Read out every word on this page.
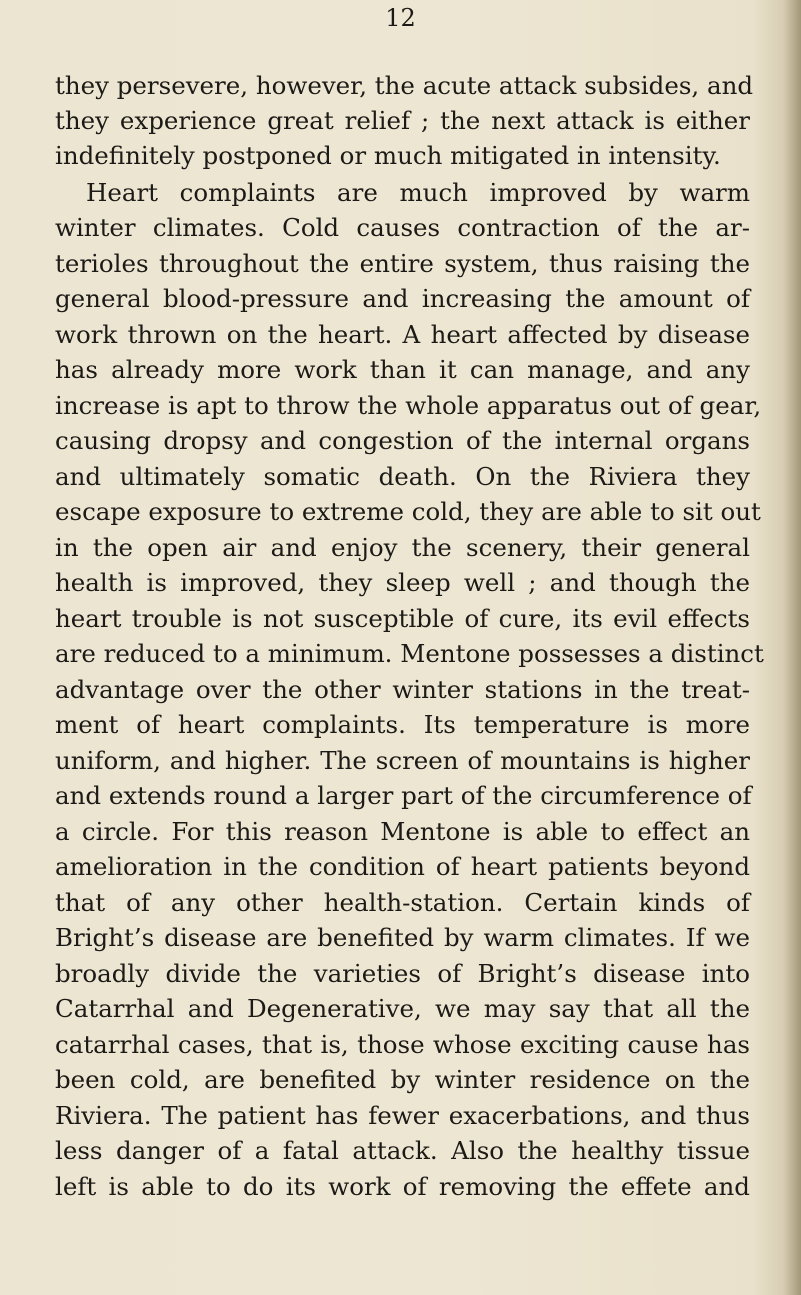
12
they persevere, however, the acute attack subsides, and
they experience great relief ; the next attack is either
indefinitely postponed or much mitigated in intensity.
Heart complaints are much improved by warm
winter climates. Cold causes contraction of the ar-
terioles throughout the entire system, thus raising the
general blood-pressure and increasing the amount of
work thrown on the heart. A heart affected by disease
has already more work than it can manage, and any
increase is apt to throw the whole apparatus out of gear,
causing dropsy and congestion of the internal organs
and ultimately somatic death. On the Riviera they
escape exposure to extreme cold, they are able to sit out
in the open air and enjoy the scenery, their general
health is improved, they sleep well ; and though the
heart trouble is not susceptible of cure, its evil effects
are reduced to a minimum. Mentone possesses a distinct
advantage over the other winter stations in the treat-
ment of heart complaints. Its temperature is more
uniform, and higher. The screen of mountains is higher
and extends round a larger part of the circumference of
a circle. For this reason Mentone is able to effect an
amelioration in the condition of heart patients beyond
that of any other health-station. Certain kinds of
Bright’s disease are benefited by warm climates. If we
broadly divide the varieties of Bright’s disease into
Catarrhal and Degenerative, we may say that all the
catarrhal cases, that is, those whose exciting cause has
been cold, are benefited by winter residence on the
Riviera. The patient has fewer exacerbations, and thus
less danger of a fatal attack. Also the healthy tissue
left is able to do its work of removing the effete and
